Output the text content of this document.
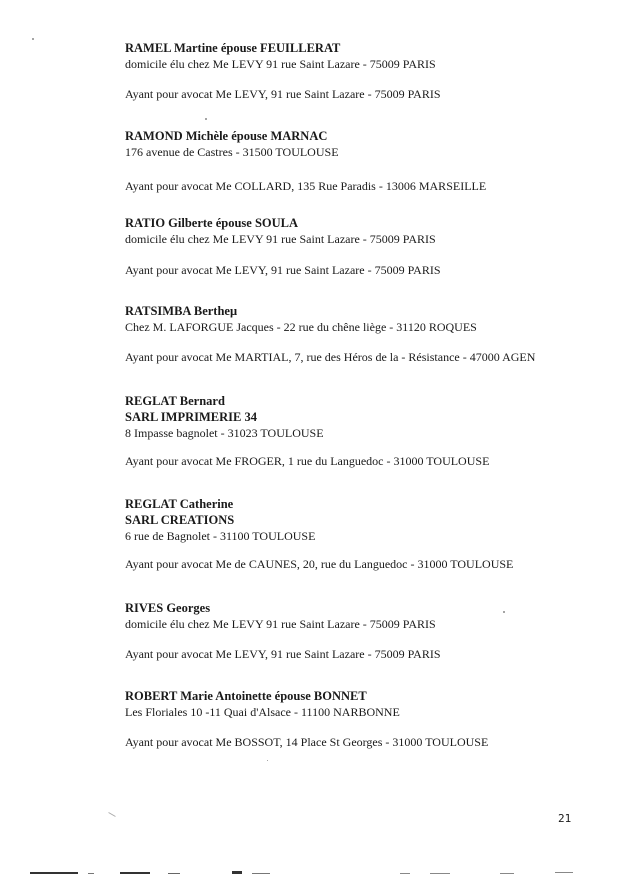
RAMEL Martine épouse FEUILLERAT
domicile élu chez Me LEVY 91 rue Saint Lazare - 75009 PARIS
Ayant pour avocat Me LEVY, 91 rue Saint Lazare - 75009 PARIS
RAMOND Michèle épouse MARNAC
176 avenue de Castres - 31500 TOULOUSE
Ayant pour avocat Me COLLARD, 135 Rue Paradis - 13006 MARSEILLE
RATIO Gilberte épouse SOULA
domicile élu chez Me LEVY 91 rue Saint Lazare - 75009 PARIS
Ayant pour avocat Me LEVY, 91 rue Saint Lazare - 75009 PARIS
RATSIMBA Bertheμ
Chez M. LAFORGUE Jacques - 22 rue du chêne liège - 31120 ROQUES
Ayant pour avocat Me MARTIAL, 7, rue des Héros de la - Résistance - 47000 AGEN
REGLAT Bernard
SARL IMPRIMERIE 34
8 Impasse bagnolet - 31023 TOULOUSE
Ayant pour avocat Me FROGER, 1 rue du Languedoc - 31000 TOULOUSE
REGLAT Catherine
SARL CREATIONS
6 rue de Bagnolet - 31100 TOULOUSE
Ayant pour avocat Me de CAUNES, 20, rue du Languedoc - 31000 TOULOUSE
RIVES Georges
domicile élu chez Me LEVY 91 rue Saint Lazare - 75009 PARIS
Ayant pour avocat Me LEVY, 91 rue Saint Lazare - 75009 PARIS
ROBERT Marie Antoinette épouse BONNET
Les Floriales 10 -11 Quai d'Alsace - 11100 NARBONNE
Ayant pour avocat Me BOSSOT, 14 Place St Georges - 31000 TOULOUSE
21
